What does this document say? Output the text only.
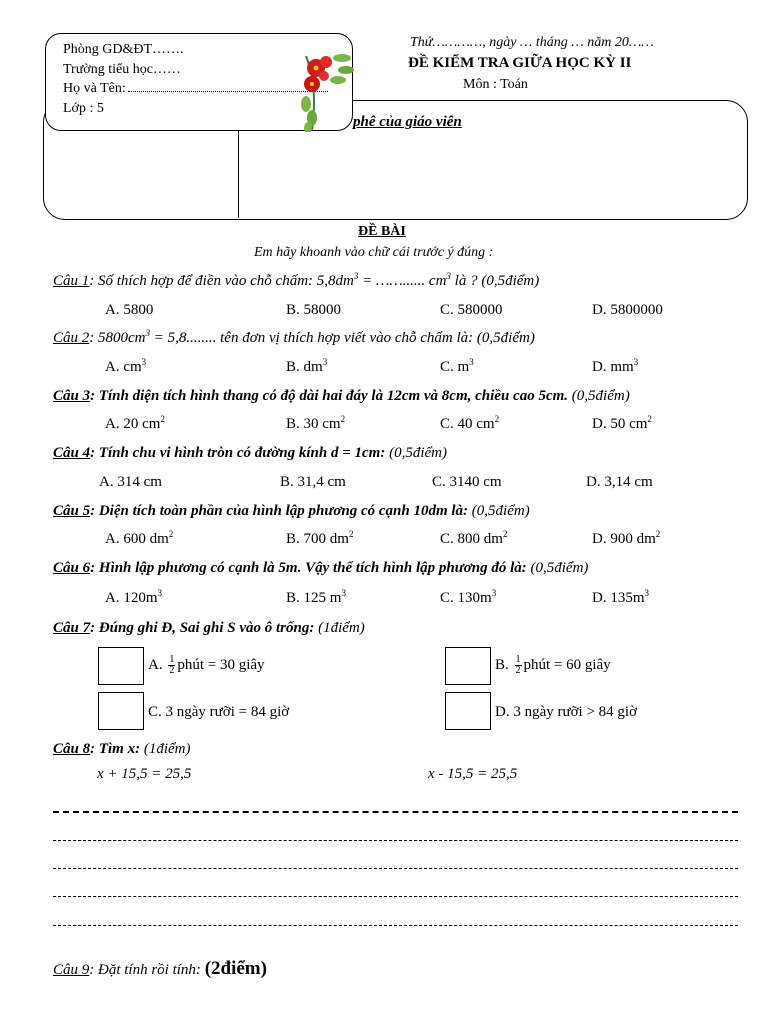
Phòng GD&ĐT…….
Trường tiểu học……
Họ và Tên:
Lớp : 5
Thứ…………, ngày … tháng … năm 20……
ĐỀ KIỂM TRA GIỮA HỌC KỲ II
Môn : Toán
phê của giáo viên
ĐỀ BÀI
Em hãy khoanh vào chữ cái trước ý đúng :
Câu 1: Số thích hợp để điền vào chỗ chấm: $5,8dm^3$ = ……...... $cm^3$ là ? (0,5điểm)
A. 5800	B. 58000	C. 580000	D. 5800000
Câu 2: $5800cm^3 = 5,8$........ tên đơn vị thích hợp viết vào chỗ chấm là: (0,5điểm)
A. $cm^3$	B. $dm^3$	C. $m^3$	D. $mm^3$
Câu 3: Tính diện tích hình thang có độ dài hai đáy là 12cm và 8cm, chiều cao 5cm. (0,5điểm)
A. 20 $cm^2$	B. 30 $cm^2$	C. 40 $cm^2$	D. 50 $cm^2$
Câu 4: Tính chu vi hình tròn có đường kính d = 1cm: (0,5điểm)
A. 314 cm	B. 31,4 cm	C. 3140 cm	D. 3,14 cm
Câu 5: Diện tích toàn phần của hình lập phương có cạnh 10dm là: (0,5điểm)
A. 600 $dm^2$	B. 700 $dm^2$	C. 800 $dm^2$	D. 900 $dm^2$
Câu 6: Hình lập phương có cạnh là 5m. Vậy thể tích hình lập phương đó là: (0,5điểm)
A. $120m^3$	B. 125 $m^3$	C. $130m^3$	D. $135m^3$
Câu 7: Đúng ghi Đ, Sai ghi S vào ô trống: (1điểm)
A. $\frac{1}{2}$ phút = 30 giây	B. $\frac{1}{2}$ phút = 60 giây
C. 3 ngày rưỡi = 84 giờ	D. 3 ngày rưỡi > 84 giờ
Câu 8: Tìm x: (1điểm)
x + 15,5 = 25,5	x - 15,5 = 25,5
Câu 9: Đặt tính rồi tính: (2điểm)
